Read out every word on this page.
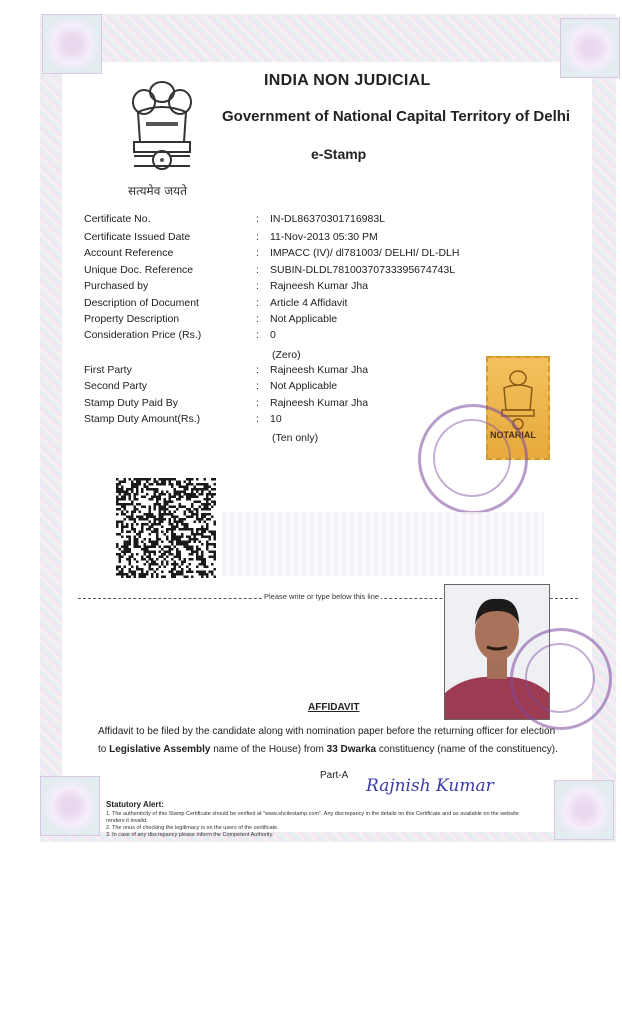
सत्यमेव जयते
INDIA NON JUDICIAL
Government of National Capital Territory of Delhi
e-Stamp
Certificate No.	: IN-DL86370301716983L
Certificate Issued Date	: 11-Nov-2013 05:30 PM
Account Reference	: IMPACC (IV)/ dl781003/ DELHI/ DL-DLH
Unique Doc. Reference	: SUBIN-DLDL78100370733395674743L
Purchased by	: Rajneesh Kumar Jha
Description of Document	: Article 4 Affidavit
Property Description	: Not Applicable
Consideration Price (Rs.)	: 0
(Zero)
First Party	: Rajneesh Kumar Jha
Second Party	: Not Applicable
Stamp Duty Paid By	: Rajneesh Kumar Jha
Stamp Duty Amount(Rs.)	: 10
(Ten only)	NOTARIAL
Please write or type below this line
AFFIDAVIT
Affidavit to be filed by the candidate along with nomination paper before the returning officer for election
to Legislative Assembly name of the House) from 33 Dwarka constituency (name of the constituency).
Part-A
Rajnish Kumar
Statutory Alert:
1. The authenticity of this Stamp Certificate should be verified at "www.shcilestamp.com". Any discrepancy in the details on this Certificate and as available on the website renders it invalid.
2. The onus of checking the legitimacy is on the users of the certificate.
3. In case of any discrepancy please inform the Competent Authority.
